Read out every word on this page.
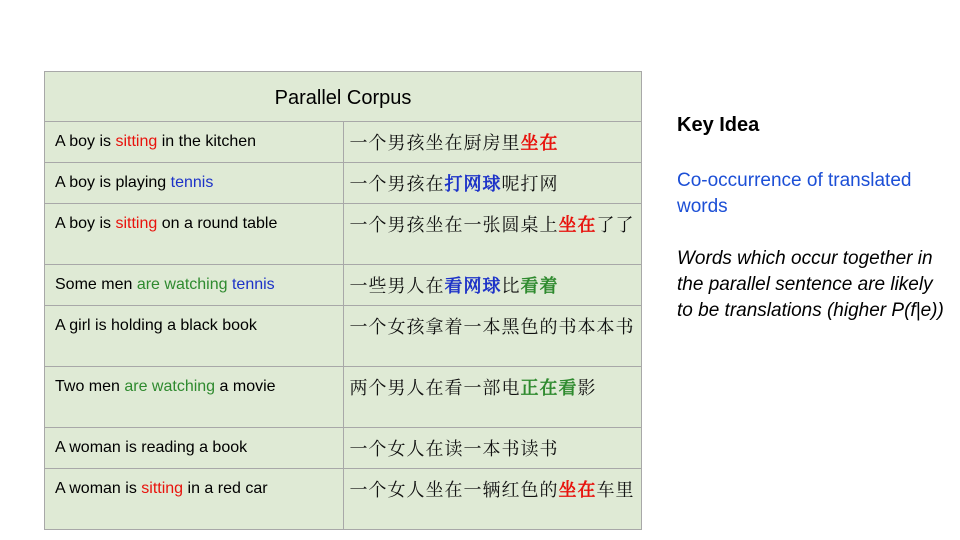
Parallel Corpus	
A boy is sitting in the kitchen	一个男孩坐在厨房里坐在
A boy is playing tennis	一个男孩在打网球呢打网
A boy is sitting on a round table	一个男孩坐在一张圆桌上坐在了了
Some men are watching tennis	一些男人在看网球比看着
A girl is holding a black book	一个女孩拿着一本黑色的书本本书
Two men are watching a movie	两个男人在看一部电正在看影
A woman is reading a book	一个女人在读一本书读书
A woman is sitting in a red car	一个女人坐在一辆红色的坐在车里
Key Idea
Co-occurrence of translated words
Words which occur together in the parallel sentence are likely to be translations (higher P(f|e))
